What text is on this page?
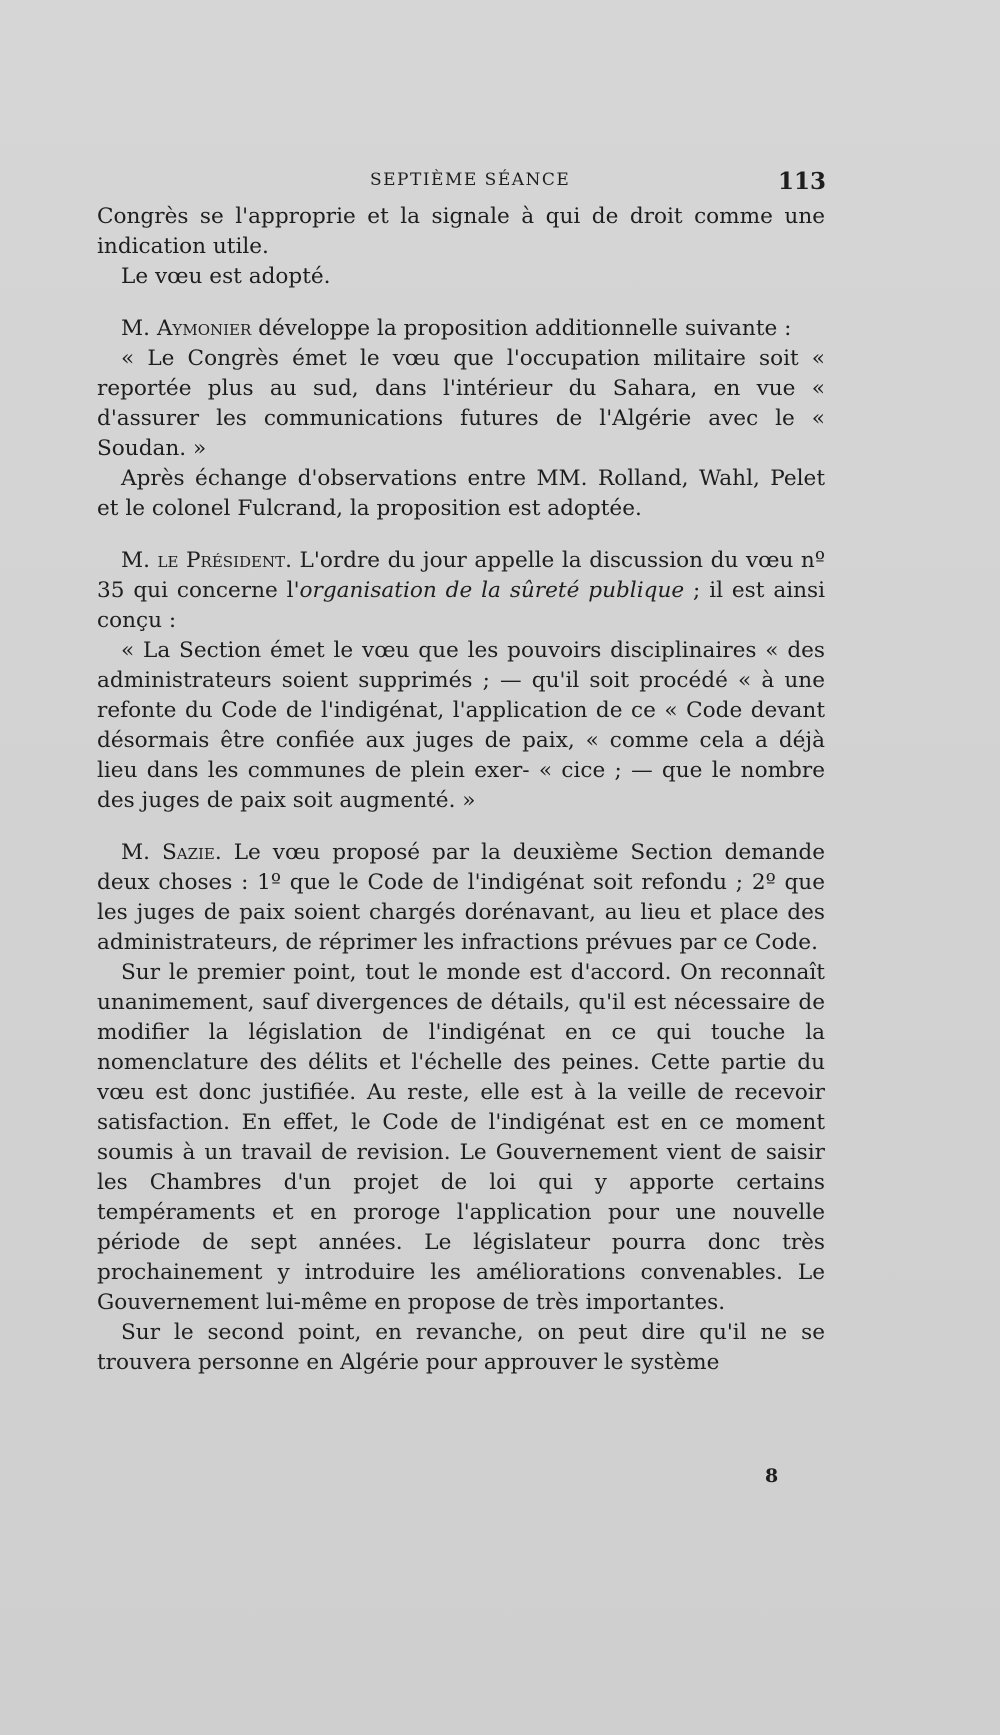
SEPTIÈME SÉANCE	113

Congrès se l'approprie et la signale à qui de droit comme une indication utile.

Le vœu est adopté.

M. Aymonier développe la proposition additionnelle suivante :

« Le Congrès émet le vœu que l'occupation militaire soit « reportée plus au sud, dans l'intérieur du Sahara, en vue « d'assurer les communications futures de l'Algérie avec le « Soudan. »

Après échange d'observations entre MM. Rolland, Wahl, Pelet et le colonel Fulcrand, la proposition est adoptée.

M. le Président. L'ordre du jour appelle la discussion du vœu nº 35 qui concerne l'organisation de la sûreté publique ; il est ainsi conçu :

« La Section émet le vœu que les pouvoirs disciplinaires « des administrateurs soient supprimés ; — qu'il soit procédé « à une refonte du Code de l'indigénat, l'application de ce « Code devant désormais être confiée aux juges de paix, « comme cela a déjà lieu dans les communes de plein exer- « cice ; — que le nombre des juges de paix soit augmenté. »

M. Sazie. Le vœu proposé par la deuxième Section demande deux choses : 1º que le Code de l'indigénat soit refondu ; 2º que les juges de paix soient chargés dorénavant, au lieu et place des administrateurs, de réprimer les infractions prévues par ce Code.

Sur le premier point, tout le monde est d'accord. On reconnaît unanimement, sauf divergences de détails, qu'il est nécessaire de modifier la législation de l'indigénat en ce qui touche la nomenclature des délits et l'échelle des peines. Cette partie du vœu est donc justifiée. Au reste, elle est à la veille de recevoir satisfaction. En effet, le Code de l'indigénat est en ce moment soumis à un travail de revision. Le Gouvernement vient de saisir les Chambres d'un projet de loi qui y apporte certains tempéraments et en proroge l'application pour une nouvelle période de sept années. Le législateur pourra donc très prochainement y introduire les améliorations convenables. Le Gouvernement lui-même en propose de très importantes.

Sur le second point, en revanche, on peut dire qu'il ne se trouvera personne en Algérie pour approuver le système

8
